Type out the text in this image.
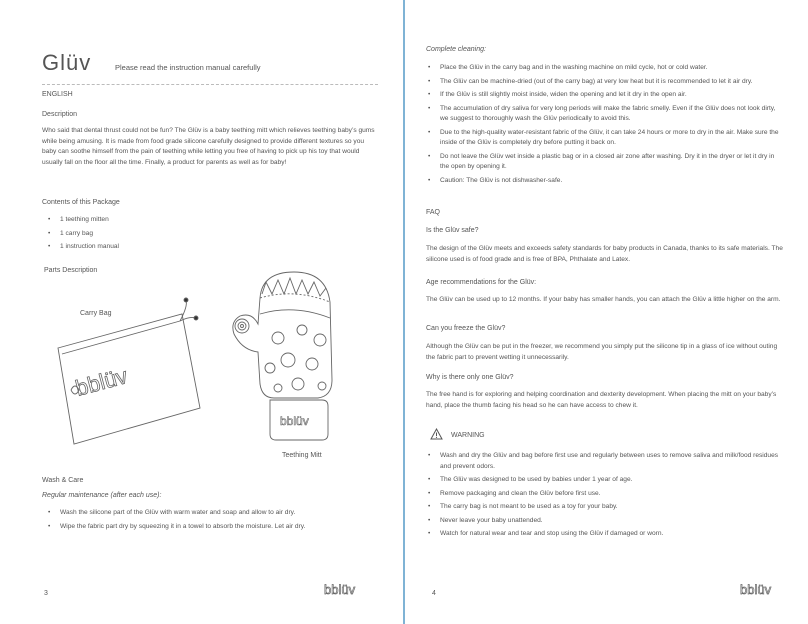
Glüv	Please read the instruction manual carefully
ENGLISH
Description
Who said that dental thrust could not be fun? The Glüv is a baby teething mitt which relieves teething baby’s gums while being amusing. It is made from food grade silicone carefully designed to provide different textures so you baby can soothe himself from the pain of teething while letting you free of having to pick up his toy that would usually fall on the floor all the time. Finally, a product for parents as well as for baby!
Contents of this Package
• 1 teething mitten
• 1 carry bag
• 1 instruction manual
Parts Description
Carry Bag
Teething Mitt
bblüv
bblüv
Wash & Care
Regular maintenance (after each use):
• Wash the silicone part of the Glüv with warm water and soap and allow to air dry.
• Wipe the fabric part dry by squeezing it in a towel to absorb the moisture. Let air dry.
3	bblüv
Complete cleaning:
• Place the Glüv in the carry bag and in the washing machine on mild cycle, hot or cold water.
• The Glüv can be machine-dried (out of the carry bag) at very low heat but it is recommended to let it air dry.
• If the Glüv is still slightly moist inside, widen the opening and let it dry in the open air.
• The accumulation of dry saliva for very long periods will make the fabric smelly. Even if the Glüv does not look dirty, we suggest to thoroughly wash the Glüv periodically to avoid this.
• Due to the high-quality water-resistant fabric of the Glüv, it can take 24 hours or more to dry in the air. Make sure the inside of the Glüv is completely dry before putting it back on.
• Do not leave the Glüv wet inside a plastic bag or in a closed air zone after washing. Dry it in the dryer or let it dry in the open by opening it.
• Caution: The Glüv is not dishwasher-safe.
FAQ
Is the Glüv safe?
The design of the Glüv meets and exceeds safety standards for baby products in Canada, thanks to its safe materials. The silicone used is of food grade and is free of BPA, Phthalate and Latex.
Age recommendations for the Glüv:
The Glüv can be used up to 12 months. If your baby has smaller hands, you can attach the Glüv a little higher on the arm.
Can you freeze the Glüv?
Although the Glüv can be put in the freezer, we recommend you simply put the silicone tip in a glass of ice without outing the fabric part to prevent wetting it unnecessarily.
Why is there only one Glüv?
The free hand is for exploring and helping coordination and dexterity development. When placing the mitt on your baby’s hand, place the thumb facing his head so he can have access to chew it.
WARNING
• Wash and dry the Glüv and bag before first use and regularly between uses to remove saliva and milk/food residues and prevent odors.
• The Glüv was designed to be used by babies under 1 year of age.
• Remove packaging and clean the Glüv before first use.
• The carry bag is not meant to be used as a toy for your baby.
• Never leave your baby unattended.
• Watch for natural wear and tear and stop using the Glüv if damaged or worn.
4	bblüv
